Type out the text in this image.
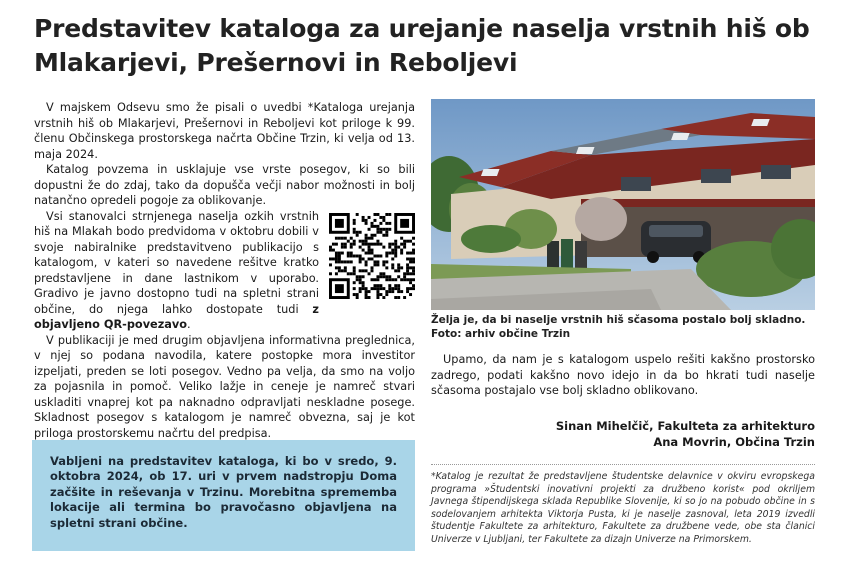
Predstavitev kataloga za urejanje naselja vrstnih hiš ob Mlakarjevi, Prešernovi in Reboljevi

V majskem Odsevu smo že pisali o uvedbi *Kataloga urejanja vrstnih hiš ob Mlakarjevi, Prešernovi in Reboljevi kot priloge k 99. členu Občinskega prostorskega načrta Občine Trzin, ki velja od 13. maja 2024.

Katalog povzema in usklajuje vse vrste posegov, ki so bili dopustni že do zdaj, tako da dopušča večji nabor možnosti in bolj natančno opredeli pogoje za oblikovanje.

Vsi stanovalci strnjenega naselja ozkih vrstnih hiš na Mlakah bodo predvidoma v oktobru dobili v svoje nabiralnike predstavitveno publikacijo s katalogom, v kateri so navedene rešitve kratko predstavljene in dane lastnikom v uporabo. Gradivo je javno dostopno tudi na spletni strani občine, do njega lahko dostopate tudi z objavljeno QR-povezavo.

V publikaciji je med drugim objavljena informativna preglednica, v njej so podana navodila, katere postopke mora investitor izpeljati, preden se loti posegov. Vedno pa velja, da smo na voljo za pojasnila in pomoč. Veliko lažje in ceneje je namreč stvari uskladiti vnaprej kot pa naknadno odpravljati neskladne posege. Skladnost posegov s katalogom je namreč obvezna, saj je kot priloga prostorskemu načrtu del predpisa.

Vabljeni na predstavitev kataloga, ki bo v sredo, 9. oktobra 2024, ob 17. uri v prvem nadstropju Doma začšite in reševanja v Trzinu. Morebitna sprememba lokacije ali termina bo pravočasno objavljena na spletni strani občine.
Želja je, da bi naselje vrstnih hiš sčasoma postalo bolj skladno. Foto: arhiv občine Trzin

Upamo, da nam je s katalogom uspelo rešiti kakšno prostorsko zadrego, podati kakšno novo idejo in da bo hkrati tudi naselje sčasoma postajalo vse bolj skladno oblikovano.

Sinan Mihelčič, Fakulteta za arhitekturo
Ana Movrin, Občina Trzin
*Katalog je rezultat že predstavljene študentske delavnice v okviru evropskega programa »Študentski inovativni projekti za družbeno korist« pod okriljem Javnega štipendijskega sklada Republike Slovenije, ki so jo na pobudo občine in s sodelovanjem arhitekta Viktorja Pusta, ki je naselje zasnoval, leta 2019 izvedli študentje Fakultete za arhitekturo, Fakultete za družbene vede, obe sta članici Univerze v Ljubljani, ter Fakultete za dizajn Univerze na Primorskem.
